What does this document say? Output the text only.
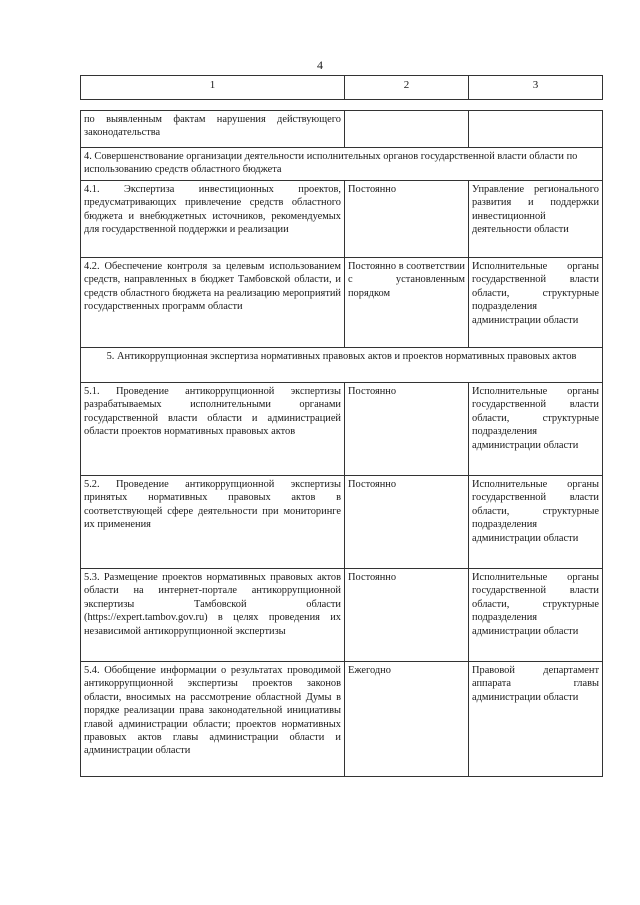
4
1	2	3
по выявленным фактам нарушения действующего законодательства		
4. Совершенствование организации деятельности исполнительных органов государственной власти области по использованию средств областного бюджета		
4.1. Экспертиза инвестиционных проектов, предусматривающих привлечение средств областного бюджета и внебюджетных источников, рекомендуемых для государственной поддержки и реализации	Постоянно	Управление регионального развития и поддержки инвестиционной деятельности области
4.2. Обеспечение контроля за целевым использованием средств, направленных в бюджет Тамбовской области, и средств областного бюджета на реализацию мероприятий государственных программ области	Постоянно в соответствии с установленным порядком	Исполнительные органы государственной власти области, структурные подразделения администрации области
5. Антикоррупционная экспертиза нормативных правовых актов и проектов нормативных правовых актов		
5.1. Проведение антикоррупционной экспертизы разрабатываемых исполнительными органами государственной власти области и администрацией области проектов нормативных правовых актов	Постоянно	Исполнительные органы государственной власти области, структурные подразделения администрации области
5.2. Проведение антикоррупционной экспертизы принятых нормативных правовых актов в соответствующей сфере деятельности при мониторинге их применения	Постоянно	Исполнительные органы государственной власти области, структурные подразделения администрации области
5.3. Размещение проектов нормативных правовых актов области на интернет-портале антикоррупционной экспертизы Тамбовской области (https://expert.tambov.gov.ru) в целях проведения их независимой антикоррупционной экспертизы	Постоянно	Исполнительные органы государственной власти области, структурные подразделения администрации области
5.4. Обобщение информации о результатах проводимой антикоррупционной экспертизы проектов законов области, вносимых на рассмотрение областной Думы в порядке реализации права законодательной инициативы главой администрации области; проектов нормативных правовых актов главы администрации области и администрации области	Ежегодно	Правовой департамент аппарата главы администрации области
